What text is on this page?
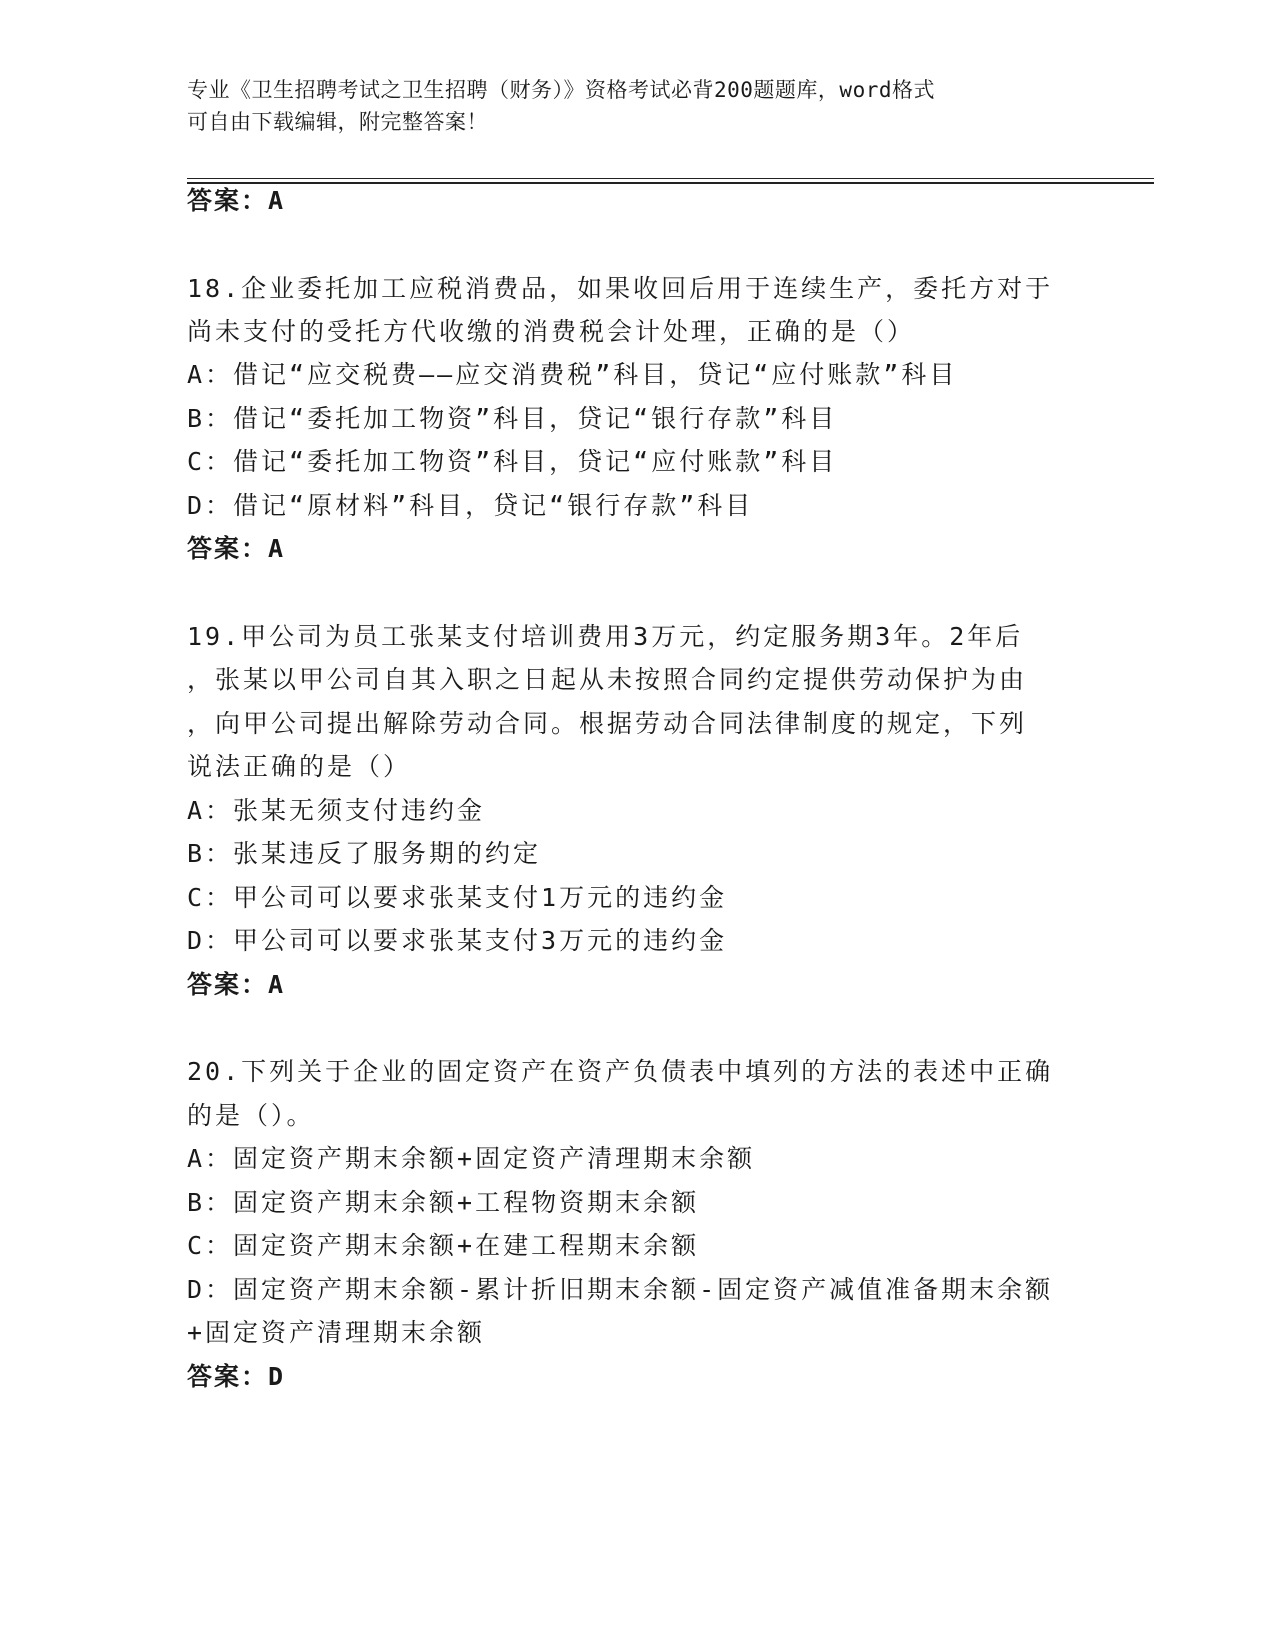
专业《卫生招聘考试之卫生招聘（财务）》资格考试必背200题题库，word格式
可自由下载编辑，附完整答案！
答案：A
18.企业委托加工应税消费品，如果收回后用于连续生产，委托方对于
尚未支付的受托方代收缴的消费税会计处理，正确的是（）
A：借记“应交税费——应交消费税”科目，贷记“应付账款”科目
B：借记“委托加工物资”科目，贷记“银行存款”科目
C：借记“委托加工物资”科目，贷记“应付账款”科目
D：借记“原材料”科目，贷记“银行存款”科目
答案：A
19.甲公司为员工张某支付培训费用3万元，约定服务期3年。2年后
，张某以甲公司自其入职之日起从未按照合同约定提供劳动保护为由
，向甲公司提出解除劳动合同。根据劳动合同法律制度的规定，下列
说法正确的是（）
A：张某无须支付违约金
B：张某违反了服务期的约定
C：甲公司可以要求张某支付1万元的违约金
D：甲公司可以要求张某支付3万元的违约金
答案：A
20.下列关于企业的固定资产在资产负债表中填列的方法的表述中正确
的是（）。
A：固定资产期末余额+固定资产清理期末余额
B：固定资产期末余额+工程物资期末余额
C：固定资产期末余额+在建工程期末余额
D：固定资产期末余额-累计折旧期末余额-固定资产减值准备期末余额
+固定资产清理期末余额
答案：D
